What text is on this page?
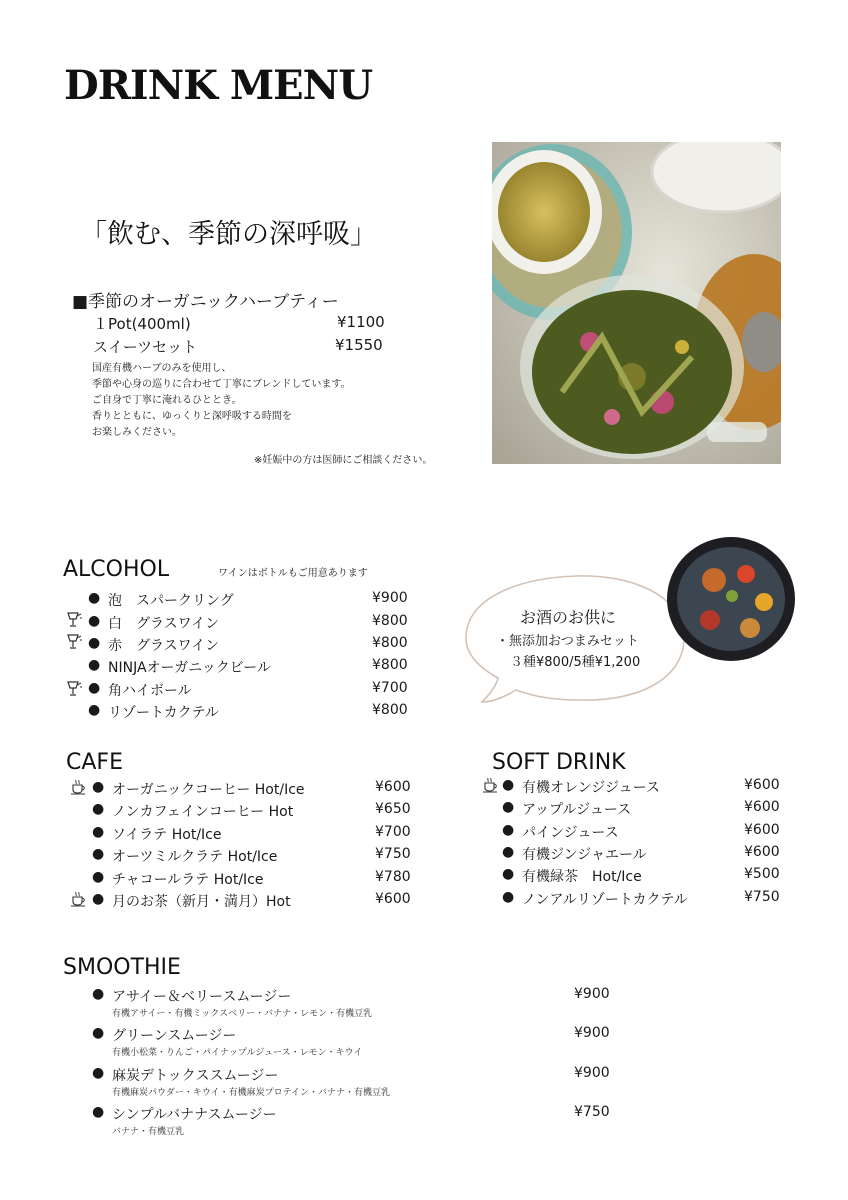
DRINK MENU
「飲む、季節の深呼吸」
■季節のオーガニックハーブティー
１Pot(400ml)	¥1100
スイーツセット	¥1550
国産有機ハーブのみを使用し、
季節や心身の巡りに合わせて丁寧にブレンドしています。
ご自身で丁寧に淹れるひととき。
香りとともに、ゆっくりと深呼吸する時間を
お楽しみください。
※妊娠中の方は医師にご相談ください。
ALCOHOL	ワインはボトルもご用意あります
● 泡　スパークリング	¥900
● 白　グラスワイン	¥800
● 赤　グラスワイン	¥800
● NINJAオーガニックビール	¥800
● 角ハイボール	¥700
● リゾートカクテル	¥800
お酒のお供に
・無添加おつまみセット
３種¥800/5種¥1,200
CAFE
● オーガニックコーヒー Hot/Ice	¥600
● ノンカフェインコーヒー Hot	¥650
● ソイラテ Hot/Ice	¥700
● オーツミルクラテ Hot/Ice	¥750
● チャコールラテ Hot/Ice	¥780
● 月のお茶（新月・満月）Hot	¥600
SOFT DRINK
● 有機オレンジジュース	¥600
● アップルジュース	¥600
● パインジュース	¥600
● 有機ジンジャエール	¥600
● 有機緑茶　Hot/Ice	¥500
● ノンアルリゾートカクテル	¥750
SMOOTHIE
● アサイー＆ベリースムージー
有機アサイー・有機ミックスベリー・バナナ・レモン・有機豆乳
¥900
● グリーンスムージー
有機小松菜・りんご・パイナップルジュース・レモン・キウイ
¥900
● 麻炭デトックススムージー
有機麻炭パウダー・キウイ・有機麻炭プロテイン・バナナ・有機豆乳
¥900
● シンプルバナナスムージー
バナナ・有機豆乳
¥750
